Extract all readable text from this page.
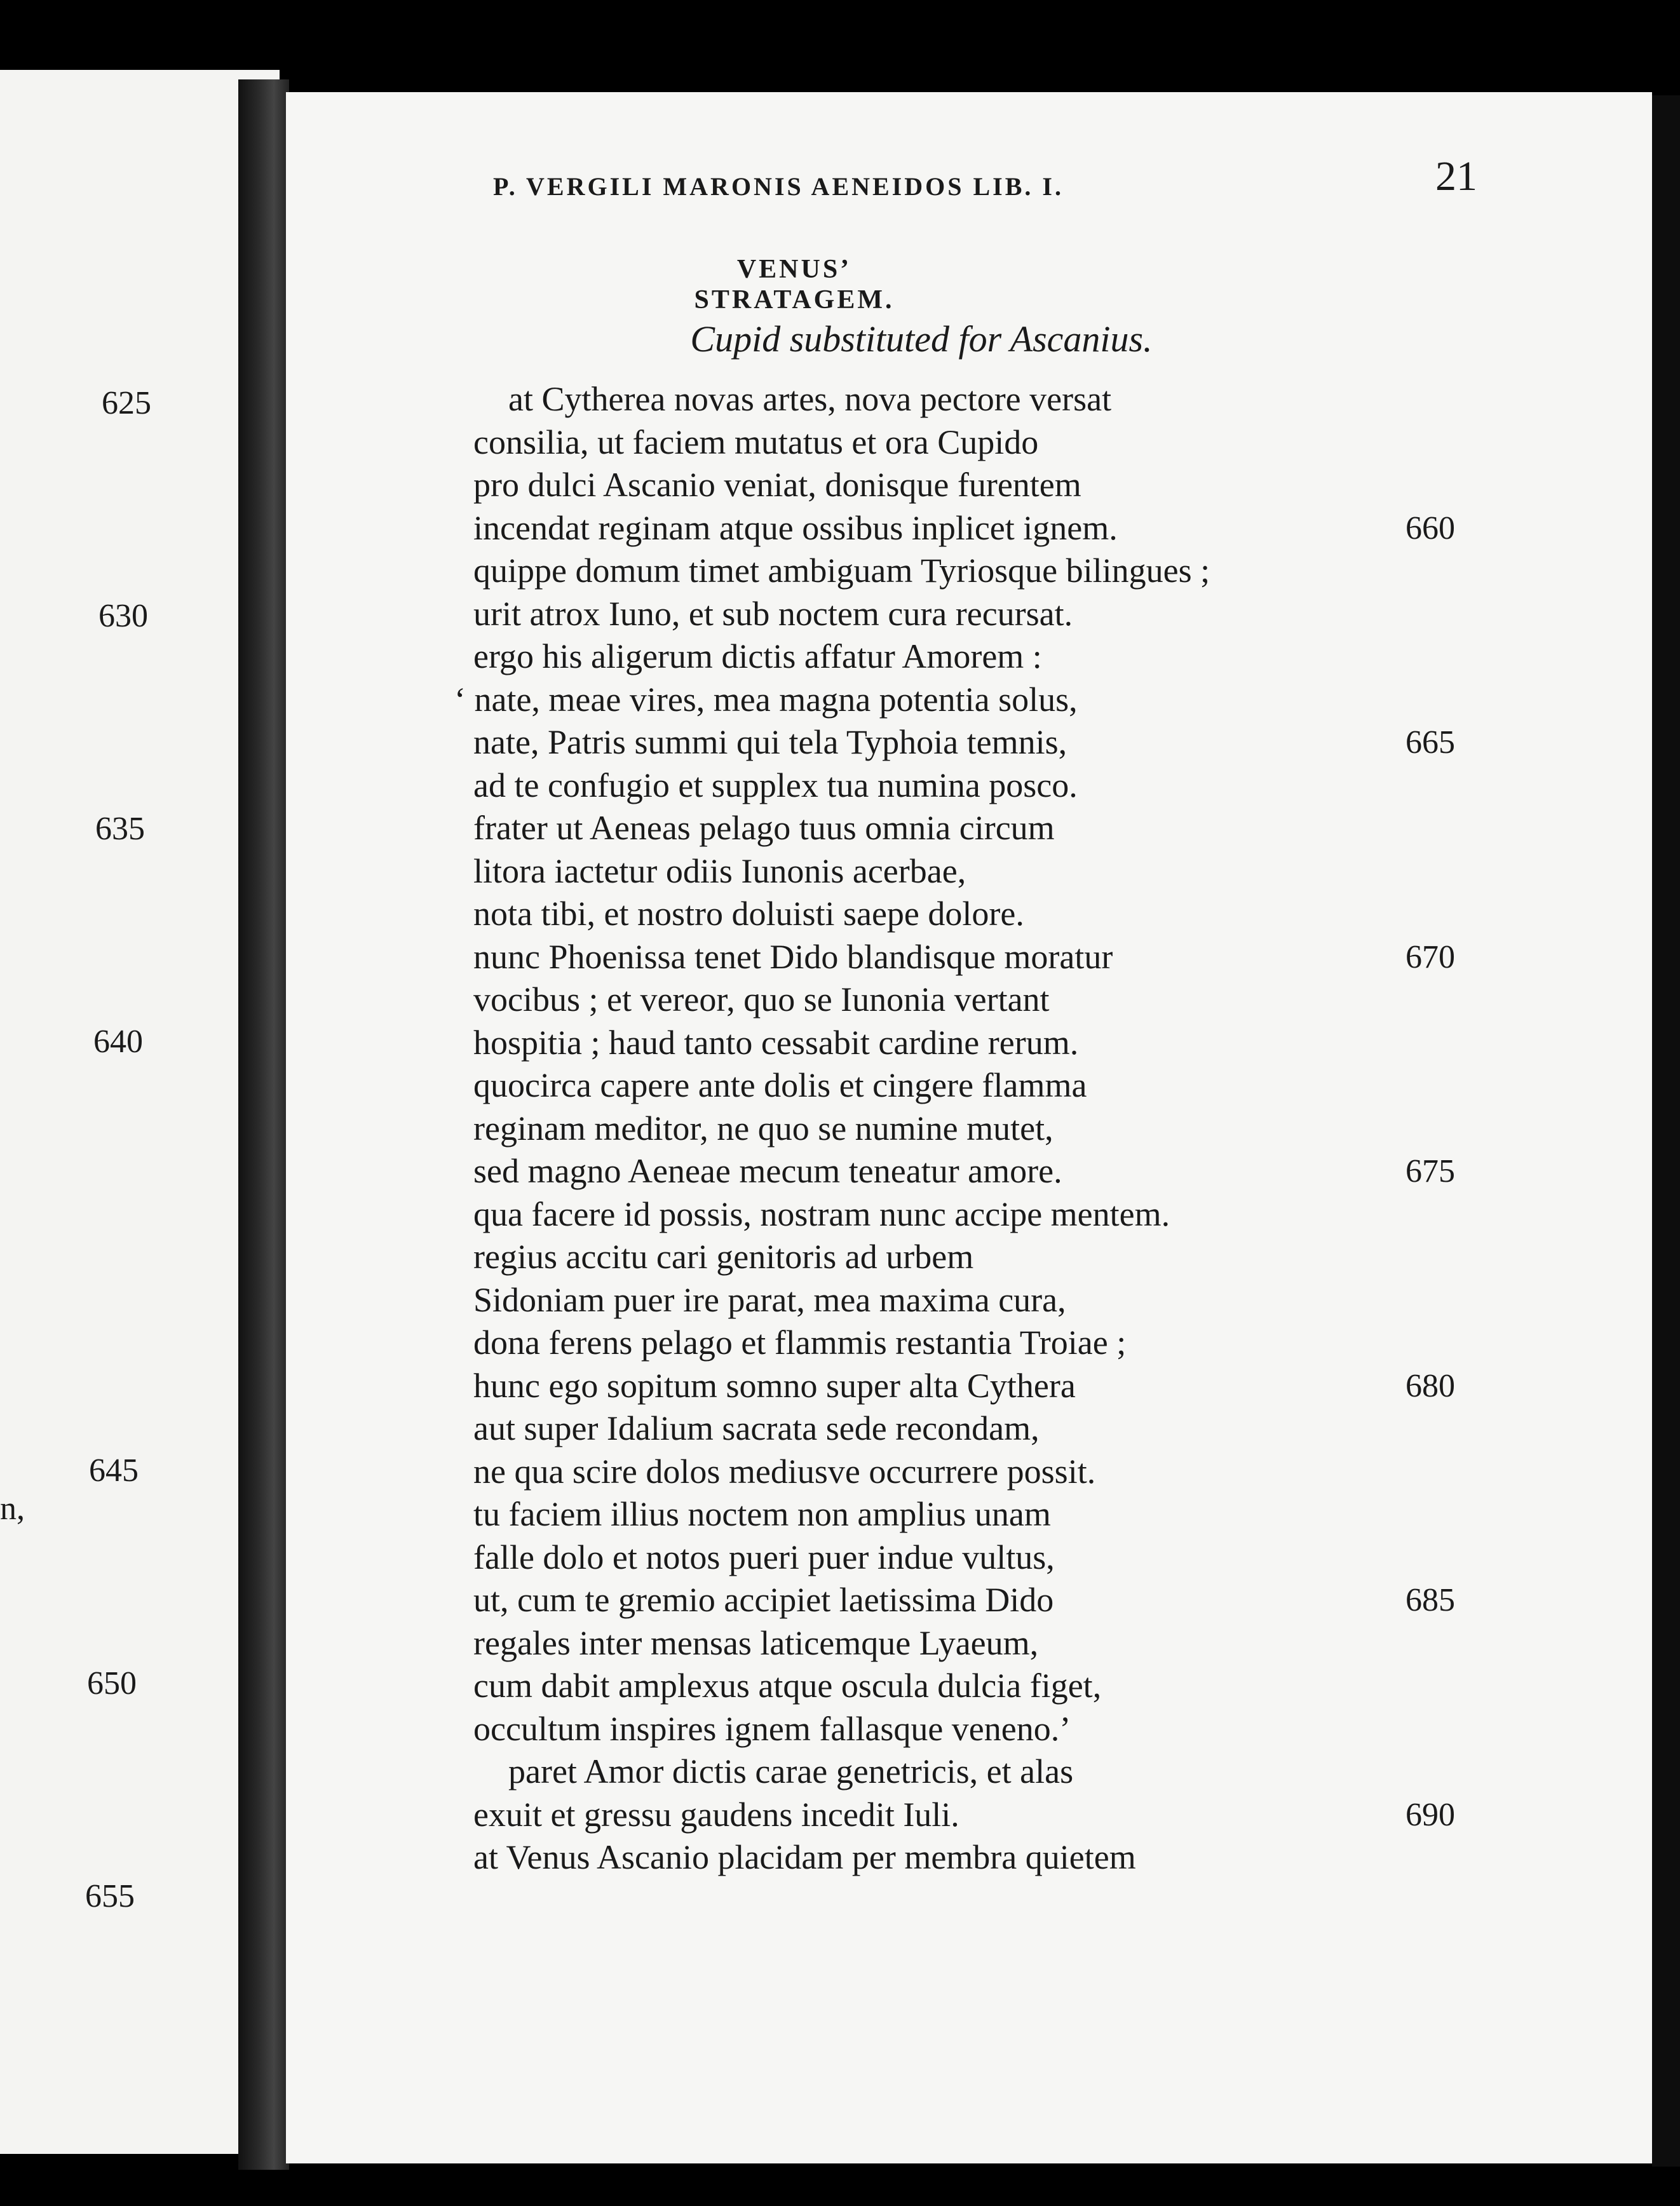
625
630
635
640
645
650
655
n,
P. VERGILI MARONIS AENEIDOS LIB. I.	21
VENUS’ STRATAGEM.
Cupid substituted for Ascanius.
at Cytherea novas artes, nova pectore versat
consilia, ut faciem mutatus et ora Cupido
pro dulci Ascanio veniat, donisque furentem
incendat reginam atque ossibus inplicet ignem.
quippe domum timet ambiguam Tyriosque bilingues ;
urit atrox Iuno, et sub noctem cura recursat.
ergo his aligerum dictis affatur Amorem :
‘ nate, meae vires, mea magna potentia solus,
nate, Patris summi qui tela Typhoia temnis,
ad te confugio et supplex tua numina posco.
frater ut Aeneas pelago tuus omnia circum
litora iactetur odiis Iunonis acerbae,
nota tibi, et nostro doluisti saepe dolore.
nunc Phoenissa tenet Dido blandisque moratur
vocibus ; et vereor, quo se Iunonia vertant
hospitia ; haud tanto cessabit cardine rerum.
quocirca capere ante dolis et cingere flamma
reginam meditor, ne quo se numine mutet,
sed magno Aeneae mecum teneatur amore.
qua facere id possis, nostram nunc accipe mentem.
regius accitu cari genitoris ad urbem
Sidoniam puer ire parat, mea maxima cura,
dona ferens pelago et flammis restantia Troiae ;
hunc ego sopitum somno super alta Cythera
aut super Idalium sacrata sede recondam,
ne qua scire dolos mediusve occurrere possit.
tu faciem illius noctem non amplius unam
falle dolo et notos pueri puer indue vultus,
ut, cum te gremio accipiet laetissima Dido
regales inter mensas laticemque Lyaeum,
cum dabit amplexus atque oscula dulcia figet,
occultum inspires ignem fallasque veneno.’
paret Amor dictis carae genetricis, et alas
exuit et gressu gaudens incedit Iuli.
at Venus Ascanio placidam per membra quietem
660
665
670
675
680
685
690
